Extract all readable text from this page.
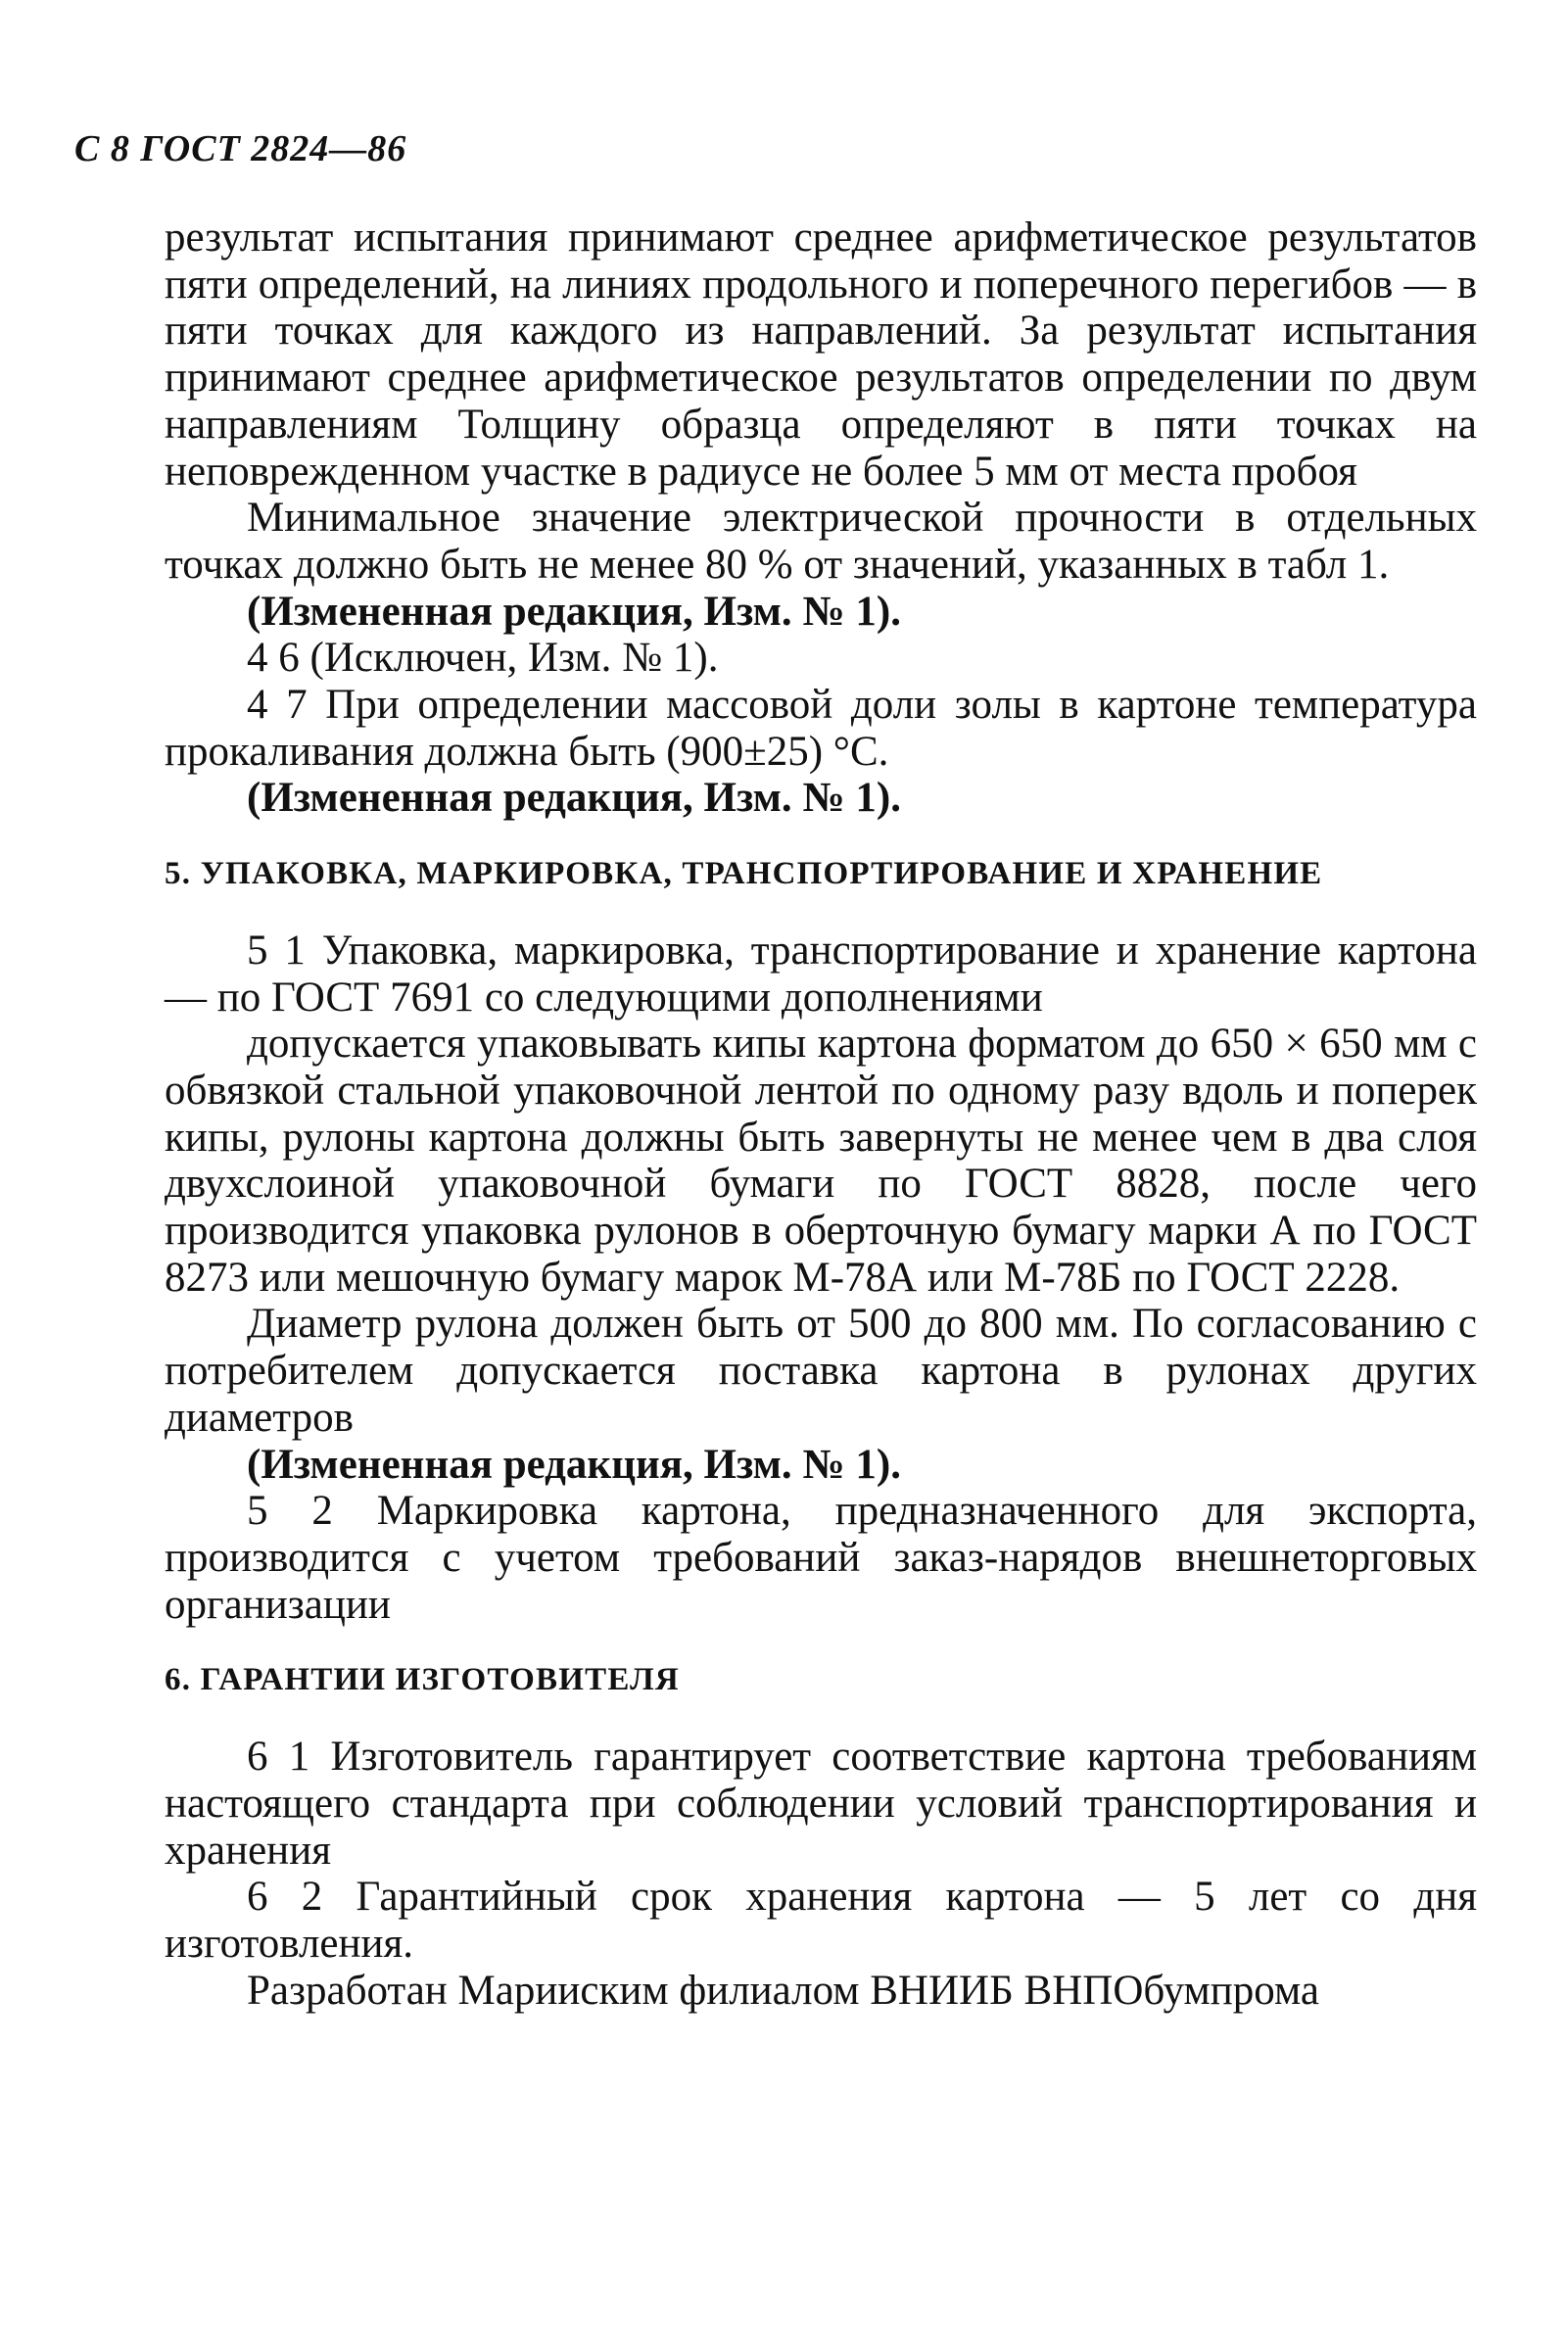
С 8 ГОСТ 2824—86

результат испытания принимают среднее арифметическое результатов пяти определений, на линиях продольного и поперечного перегибов — в пяти точках для каждого из направлений. За результат испытания принимают среднее арифметическое результатов определении по двум направлениям Толщину образца определяют в пяти точках на неповрежденном участке в радиусе не более 5 мм от места пробоя

Минимальное значение электрической прочности в отдельных точках должно быть не менее 80 % от значений, указанных в табл 1.

(Измененная редакция, Изм. № 1).

4 6 (Исключен, Изм. № 1).

4 7 При определении массовой доли золы в картоне температура прокаливания должна быть (900±25) °С.

(Измененная редакция, Изм. № 1).

5. УПАКОВКА, МАРКИРОВКА, ТРАНСПОРТИРОВАНИЕ И ХРАНЕНИЕ

5 1 Упаковка, маркировка, транспортирование и хранение картона — по ГОСТ 7691 со следующими дополнениями

допускается упаковывать кипы картона форматом до 650 × 650 мм с обвязкой стальной упаковочной лентой по одному разу вдоль и поперек кипы, рулоны картона должны быть завернуты не менее чем в два слоя двухслоиной упаковочной бумаги по ГОСТ 8828, после чего производится упаковка рулонов в оберточную бумагу марки А по ГОСТ 8273 или мешочную бумагу марок М-78А или М-78Б по ГОСТ 2228.

Диаметр рулона должен быть от 500 до 800 мм. По согласованию с потребителем допускается поставка картона в рулонах других диаметров

(Измененная редакция, Изм. № 1).

5 2 Маркировка картона, предназначенного для экспорта, производится с учетом требований заказ-нарядов внешнеторговых организации

6. ГАРАНТИИ ИЗГОТОВИТЕЛЯ

6 1 Изготовитель гарантирует соответствие картона требованиям настоящего стандарта при соблюдении условий транспортирования и хранения

6 2 Гарантийный срок хранения картона — 5 лет со дня изготовления.

Разработан Марииским филиалом ВНИИБ ВНПОбумпрома
